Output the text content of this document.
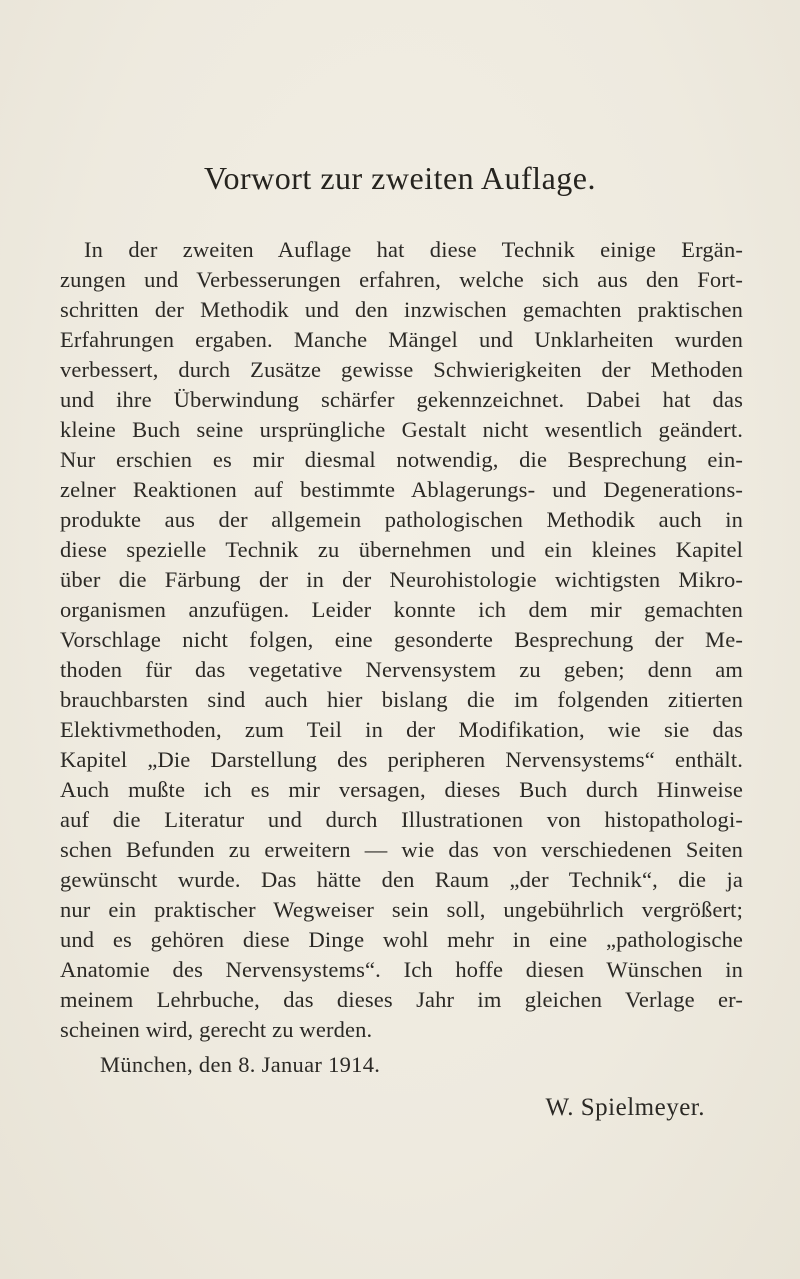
Vorwort zur zweiten Auflage.
In der zweiten Auflage hat diese Technik einige Ergän-
zungen und Verbesserungen erfahren, welche sich aus den Fort-
schritten der Methodik und den inzwischen gemachten praktischen
Erfahrungen ergaben. Manche Mängel und Unklarheiten wurden
verbessert, durch Zusätze gewisse Schwierigkeiten der Methoden
und ihre Überwindung schärfer gekennzeichnet. Dabei hat das
kleine Buch seine ursprüngliche Gestalt nicht wesentlich geändert.
Nur erschien es mir diesmal notwendig, die Besprechung ein-
zelner Reaktionen auf bestimmte Ablagerungs- und Degenerations-
produkte aus der allgemein pathologischen Methodik auch in
diese spezielle Technik zu übernehmen und ein kleines Kapitel
über die Färbung der in der Neurohistologie wichtigsten Mikro-
organismen anzufügen. Leider konnte ich dem mir gemachten
Vorschlage nicht folgen, eine gesonderte Besprechung der Me-
thoden für das vegetative Nervensystem zu geben; denn am
brauchbarsten sind auch hier bislang die im folgenden zitierten
Elektivmethoden, zum Teil in der Modifikation, wie sie das
Kapitel „Die Darstellung des peripheren Nervensystems“ enthält.
Auch mußte ich es mir versagen, dieses Buch durch Hinweise
auf die Literatur und durch Illustrationen von histopathologi-
schen Befunden zu erweitern — wie das von verschiedenen Seiten
gewünscht wurde. Das hätte den Raum „der Technik“, die ja
nur ein praktischer Wegweiser sein soll, ungebührlich vergrößert;
und es gehören diese Dinge wohl mehr in eine „pathologische
Anatomie des Nervensystems“. Ich hoffe diesen Wünschen in
meinem Lehrbuche, das dieses Jahr im gleichen Verlage er-
scheinen wird, gerecht zu werden.
München, den 8. Januar 1914.
W. Spielmeyer.
